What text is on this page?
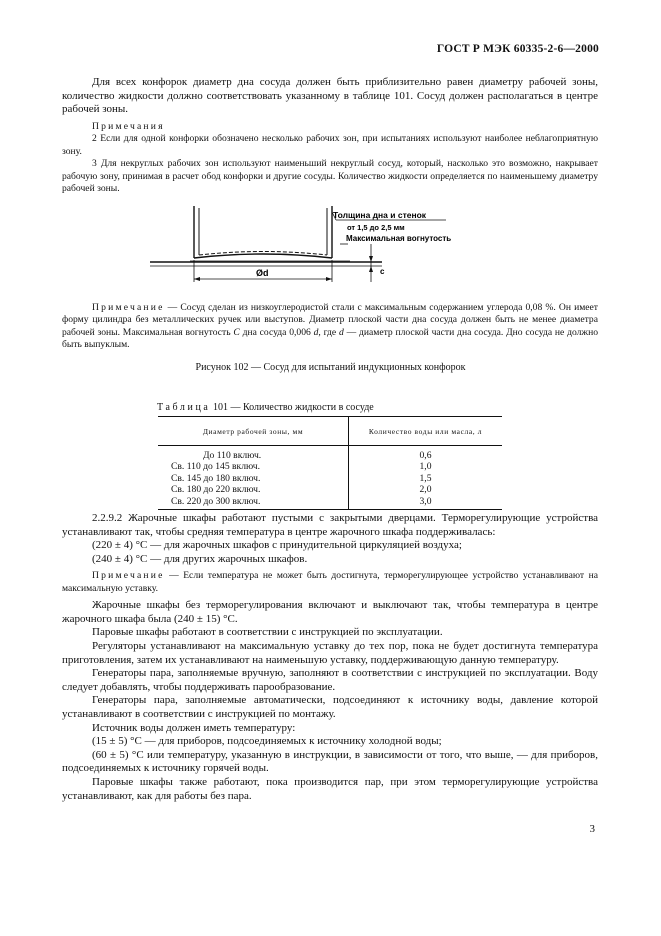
ГОСТ Р МЭК 60335-2-6—2000

Для всех конфорок диаметр дна сосуда должен быть приблизительно равен диаметру рабочей зоны, количество жидкости должно соответствовать указанному в таблице 101. Сосуд должен располагаться в центре рабочей зоны.

Примечания

2 Если для одной конфорки обозначено несколько рабочих зон, при испытаниях используют наиболее неблагоприятную зону.

3 Для некруглых рабочих зон используют наименьший некруглый сосуд, который, насколько это возможно, накрывает рабочую зону, принимая в расчет обод конфорки и другие сосуды. Количество жидкости определяется по наименьшему диаметру рабочей зоны.

Ød
Толщина дна и стенок
от 1,5 до 2,5 мм
Максимальная вогнутость
c

Примечание — Сосуд сделан из низкоуглеродистой стали с максимальным содержанием углерода 0,08 %. Он имеет форму цилиндра без металлических ручек или выступов. Диаметр плоской части дна сосуда должен быть не менее диаметра рабочей зоны. Максимальная вогнутость C дна сосуда 0,006 d, где d — диаметр плоской части дна сосуда. Дно сосуда не должно быть выпуклым.

Рисунок 102 — Сосуд для испытаний индукционных конфорок
Таблица 101 — Количество жидкости в сосуде
Диаметр рабочей зоны, мм	Количество воды или масла, л
До 110 включ.	0,6
Св. 110 до 145 включ.	1,0
Св. 145 до 180 включ.	1,5
Св. 180 до 220 включ.	2,0
Св. 220 до 300 включ.	3,0

2.2.9.2 Жарочные шкафы работают пустыми с закрытыми дверцами. Терморегулирующие устройства устанавливают так, чтобы средняя температура в центре жарочного шкафа поддерживалась:

(220 ± 4) °С — для жарочных шкафов с принудительной циркуляцией воздуха;

(240 ± 4) °С — для других жарочных шкафов.

Примечание — Если температура не может быть достигнута, терморегулирующее устройство устанавливают на максимальную уставку.

Жарочные шкафы без терморегулирования включают и выключают так, чтобы температура в центре жарочного шкафа была (240 ± 15) °С.

Паровые шкафы работают в соответствии с инструкцией по эксплуатации.

Регуляторы устанавливают на максимальную уставку до тех пор, пока не будет достигнута температура приготовления, затем их устанавливают на наименьшую уставку, поддерживающую данную температуру.

Генераторы пара, заполняемые вручную, заполняют в соответствии с инструкцией по эксплуатации. Воду следует добавлять, чтобы поддерживать парообразование.

Генераторы пара, заполняемые автоматически, подсоединяют к источнику воды, давление которой устанавливают в соответствии с инструкцией по монтажу.

Источник воды должен иметь температуру:

(15 ± 5) °С — для приборов, подсоединяемых к источнику холодной воды;

(60 ± 5) °С или температуру, указанную в инструкции, в зависимости от того, что выше, — для приборов, подсоединяемых к источнику горячей воды.

Паровые шкафы также работают, пока производится пар, при этом терморегулирующие устройства устанавливают, как для работы без пара.

3
